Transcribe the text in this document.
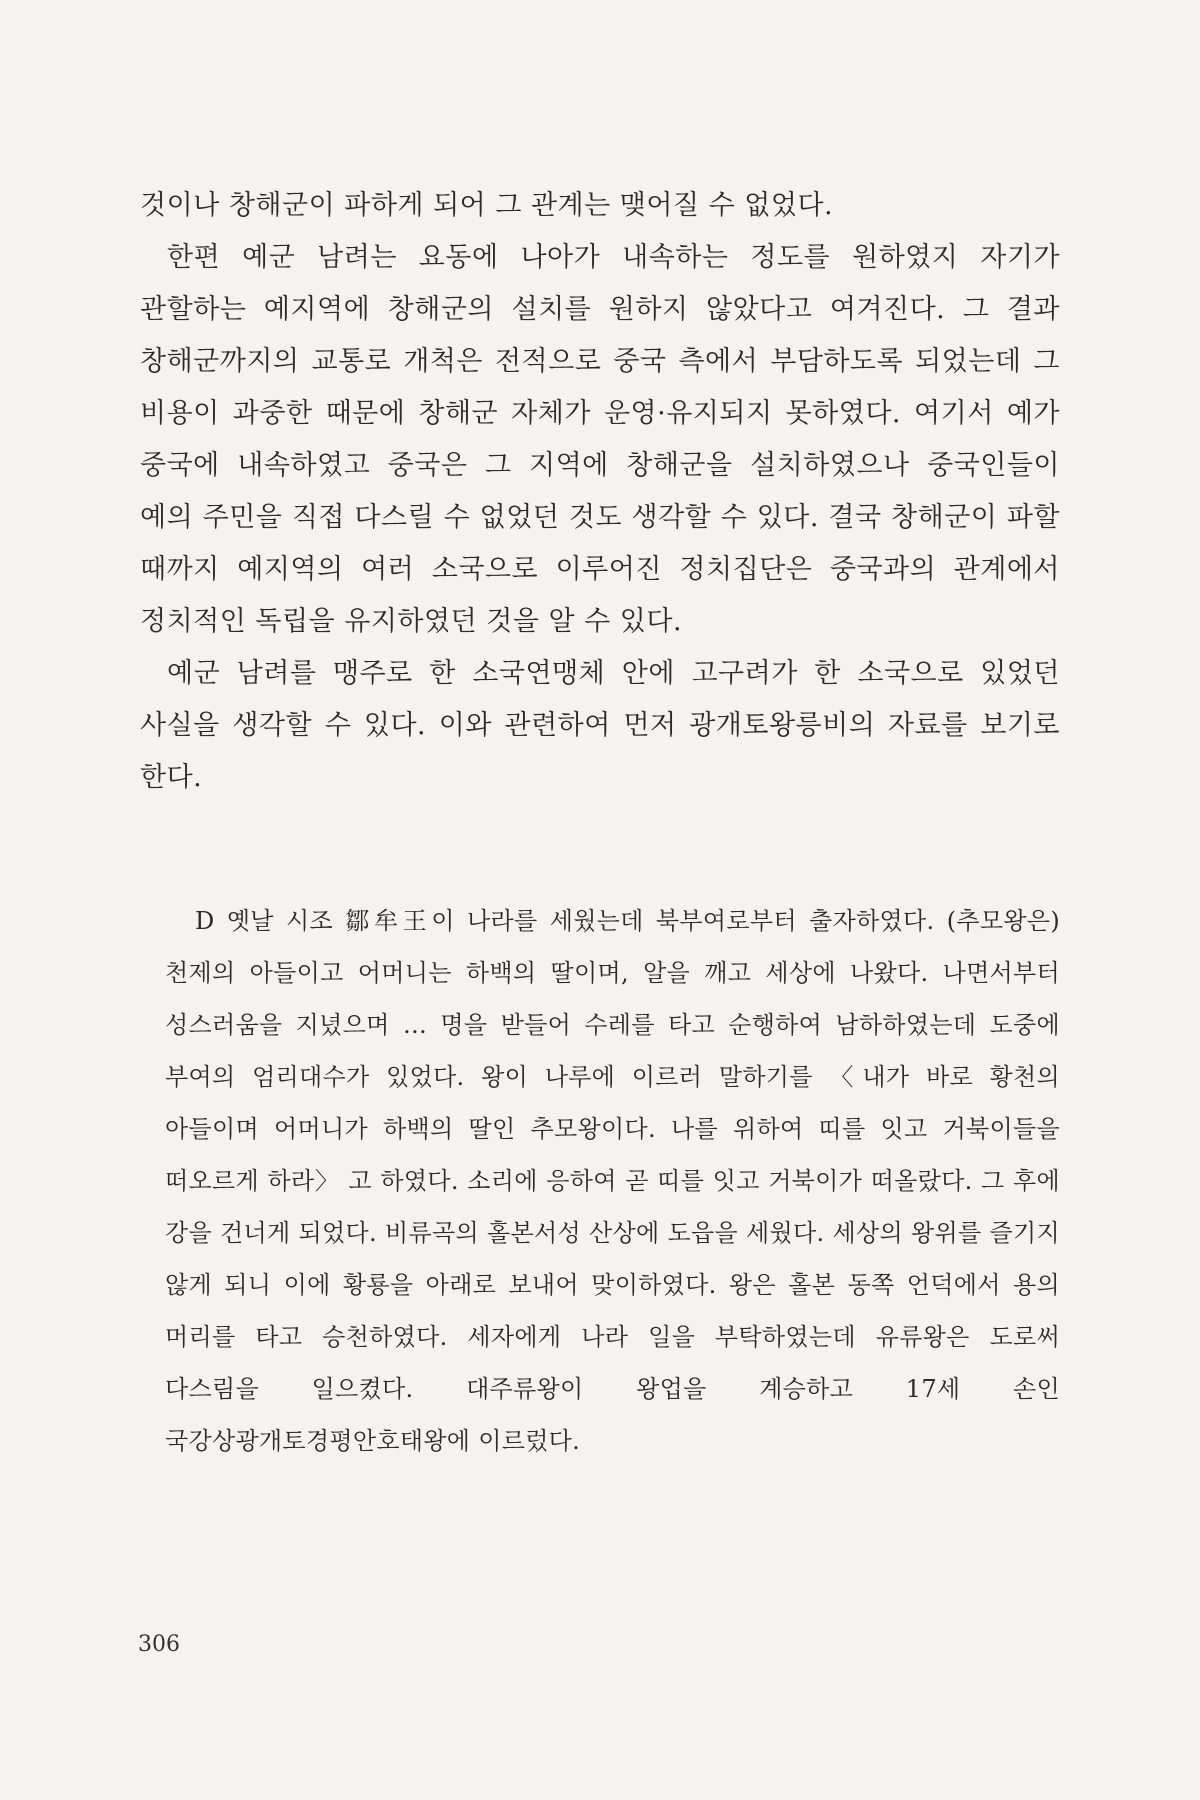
것이나 창해군이 파하게 되어 그 관계는 맺어질 수 없었다.

한편 예군 남려는 요동에 나아가 내속하는 정도를 원하였지 자기가 관할하는 예지역에 창해군의 설치를 원하지 않았다고 여겨진다. 그 결과 창해군까지의 교통로 개척은 전적으로 중국 측에서 부담하도록 되었는데 그 비용이 과중한 때문에 창해군 자체가 운영·유지되지 못하였다. 여기서 예가 중국에 내속하였고 중국은 그 지역에 창해군을 설치하였으나 중국인들이 예의 주민을 직접 다스릴 수 없었던 것도 생각할 수 있다. 결국 창해군이 파할 때까지 예지역의 여러 소국으로 이루어진 정치집단은 중국과의 관계에서 정치적인 독립을 유지하였던 것을 알 수 있다.

예군 남려를 맹주로 한 소국연맹체 안에 고구려가 한 소국으로 있었던 사실을 생각할 수 있다. 이와 관련하여 먼저 광개토왕릉비의 자료를 보기로 한다.

D 옛날 시조 鄒牟王이 나라를 세웠는데 북부여로부터 출자하였다. (추모왕은) 천제의 아들이고 어머니는 하백의 딸이며, 알을 깨고 세상에 나왔다. 나면서부터 성스러움을 지녔으며 … 명을 받들어 수레를 타고 순행하여 남하하였는데 도중에 부여의 엄리대수가 있었다. 왕이 나루에 이르러 말하기를 〈내가 바로 황천의 아들이며 어머니가 하백의 딸인 추모왕이다. 나를 위하여 띠를 잇고 거북이들을 떠오르게 하라〉 고 하였다. 소리에 응하여 곧 띠를 잇고 거북이가 떠올랐다. 그 후에 강을 건너게 되었다. 비류곡의 홀본서성 산상에 도읍을 세웠다. 세상의 왕위를 즐기지 않게 되니 이에 황룡을 아래로 보내어 맞이하였다. 왕은 홀본 동쪽 언덕에서 용의 머리를 타고 승천하였다. 세자에게 나라 일을 부탁하였는데 유류왕은 도로써 다스림을 일으켰다. 대주류왕이 왕업을 계승하고 17세 손인 국강상광개토경평안호태왕에 이르렀다.

306
